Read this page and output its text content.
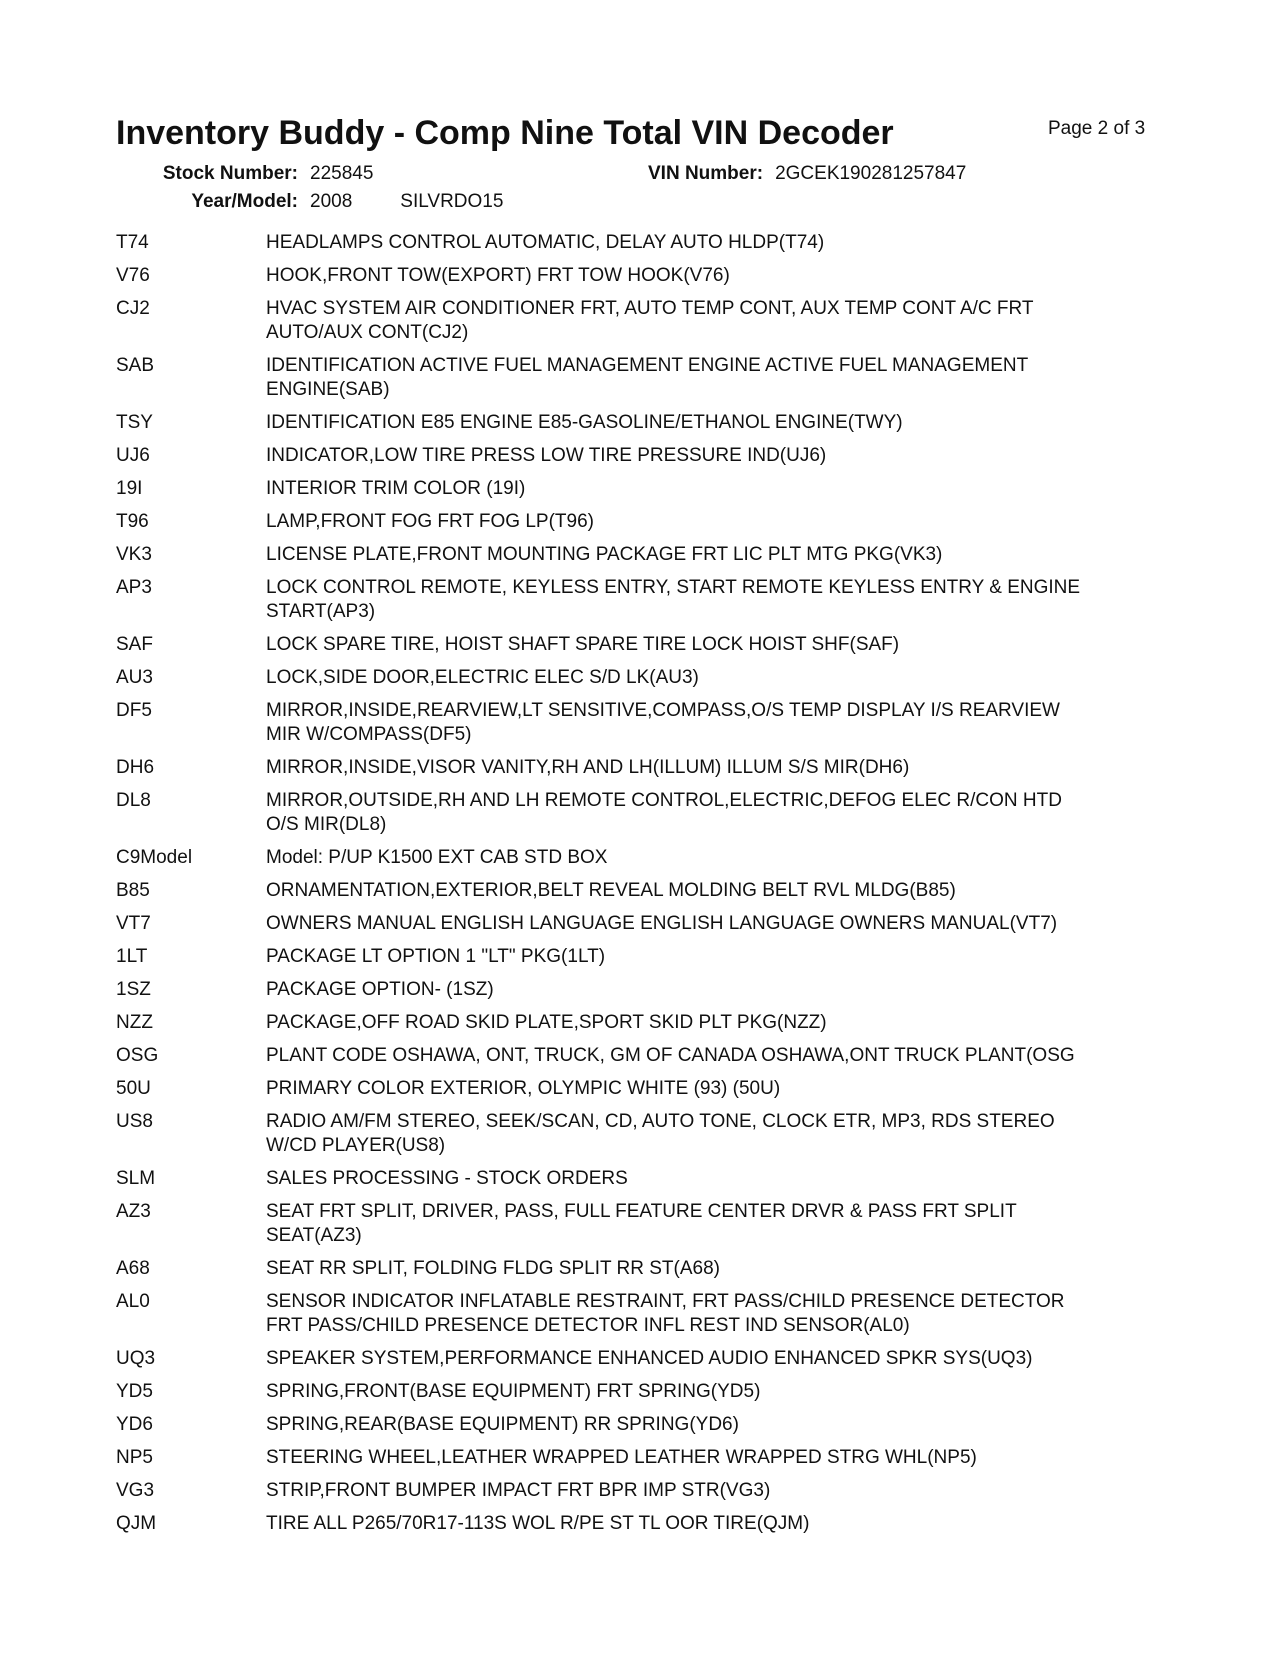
Inventory Buddy - Comp Nine Total VIN Decoder	Page 2 of 3
Stock Number: 225845	VIN Number: 2GCEK190281257847
Year/Model: 2008	SILVRDO15
T74	HEADLAMPS CONTROL AUTOMATIC, DELAY AUTO HLDP(T74)
V76	HOOK,FRONT TOW(EXPORT) FRT TOW HOOK(V76)
CJ2	HVAC SYSTEM AIR CONDITIONER FRT, AUTO TEMP CONT, AUX TEMP CONT A/C FRT
AUTO/AUX CONT(CJ2)
SAB	IDENTIFICATION ACTIVE FUEL MANAGEMENT ENGINE ACTIVE FUEL MANAGEMENT
ENGINE(SAB)
TSY	IDENTIFICATION E85 ENGINE E85-GASOLINE/ETHANOL ENGINE(TWY)
UJ6	INDICATOR,LOW TIRE PRESS LOW TIRE PRESSURE IND(UJ6)
19I	INTERIOR TRIM COLOR (19I)
T96	LAMP,FRONT FOG FRT FOG LP(T96)
VK3	LICENSE PLATE,FRONT MOUNTING PACKAGE FRT LIC PLT MTG PKG(VK3)
AP3	LOCK CONTROL REMOTE, KEYLESS ENTRY, START REMOTE KEYLESS ENTRY & ENGINE
START(AP3)
SAF	LOCK SPARE TIRE, HOIST SHAFT SPARE TIRE LOCK HOIST SHF(SAF)
AU3	LOCK,SIDE DOOR,ELECTRIC ELEC S/D LK(AU3)
DF5	MIRROR,INSIDE,REARVIEW,LT SENSITIVE,COMPASS,O/S TEMP DISPLAY I/S REARVIEW
MIR W/COMPASS(DF5)
DH6	MIRROR,INSIDE,VISOR VANITY,RH AND LH(ILLUM) ILLUM S/S MIR(DH6)
DL8	MIRROR,OUTSIDE,RH AND LH REMOTE CONTROL,ELECTRIC,DEFOG ELEC R/CON HTD
O/S MIR(DL8)
C9Model	Model: P/UP K1500 EXT CAB STD BOX
B85	ORNAMENTATION,EXTERIOR,BELT REVEAL MOLDING BELT RVL MLDG(B85)
VT7	OWNERS MANUAL ENGLISH LANGUAGE ENGLISH LANGUAGE OWNERS MANUAL(VT7)
1LT	PACKAGE LT OPTION 1 "LT" PKG(1LT)
1SZ	PACKAGE OPTION- (1SZ)
NZZ	PACKAGE,OFF ROAD SKID PLATE,SPORT SKID PLT PKG(NZZ)
OSG	PLANT CODE OSHAWA, ONT, TRUCK, GM OF CANADA OSHAWA,ONT TRUCK PLANT(OSG
50U	PRIMARY COLOR EXTERIOR, OLYMPIC WHITE (93) (50U)
US8	RADIO AM/FM STEREO, SEEK/SCAN, CD, AUTO TONE, CLOCK ETR, MP3, RDS STEREO
W/CD PLAYER(US8)
SLM	SALES PROCESSING - STOCK ORDERS
AZ3	SEAT FRT SPLIT, DRIVER, PASS, FULL FEATURE CENTER DRVR & PASS FRT SPLIT
SEAT(AZ3)
A68	SEAT RR SPLIT, FOLDING FLDG SPLIT RR ST(A68)
AL0	SENSOR INDICATOR INFLATABLE RESTRAINT, FRT PASS/CHILD PRESENCE DETECTOR
FRT PASS/CHILD PRESENCE DETECTOR INFL REST IND SENSOR(AL0)
UQ3	SPEAKER SYSTEM,PERFORMANCE ENHANCED AUDIO ENHANCED SPKR SYS(UQ3)
YD5	SPRING,FRONT(BASE EQUIPMENT) FRT SPRING(YD5)
YD6	SPRING,REAR(BASE EQUIPMENT) RR SPRING(YD6)
NP5	STEERING WHEEL,LEATHER WRAPPED LEATHER WRAPPED STRG WHL(NP5)
VG3	STRIP,FRONT BUMPER IMPACT FRT BPR IMP STR(VG3)
QJM	TIRE ALL P265/70R17-113S WOL R/PE ST TL OOR TIRE(QJM)
